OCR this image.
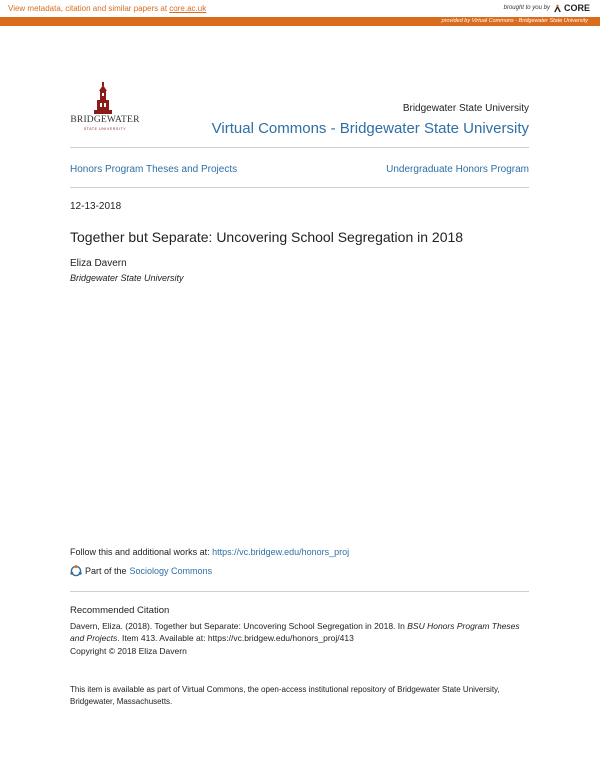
View metadata, citation and similar papers at core.ac.uk	brought to you by CORE
provided by Virtual Commons - Bridgewater State University
BRIDGEWATER
STATE UNIVERSITY
Bridgewater State University
Virtual Commons - Bridgewater State University
Honors Program Theses and Projects	Undergraduate Honors Program
12-13-2018
Together but Separate: Uncovering School Segregation in 2018
Eliza Davern
Bridgewater State University
Follow this and additional works at: https://vc.bridgew.edu/honors_proj
Part of the Sociology Commons
Recommended Citation
Davern, Eliza. (2018). Together but Separate: Uncovering School Segregation in 2018. In BSU Honors Program Theses and Projects. Item 413. Available at: https://vc.bridgew.edu/honors_proj/413
Copyright © 2018 Eliza Davern
This item is available as part of Virtual Commons, the open-access institutional repository of Bridgewater State University, Bridgewater, Massachusetts.
